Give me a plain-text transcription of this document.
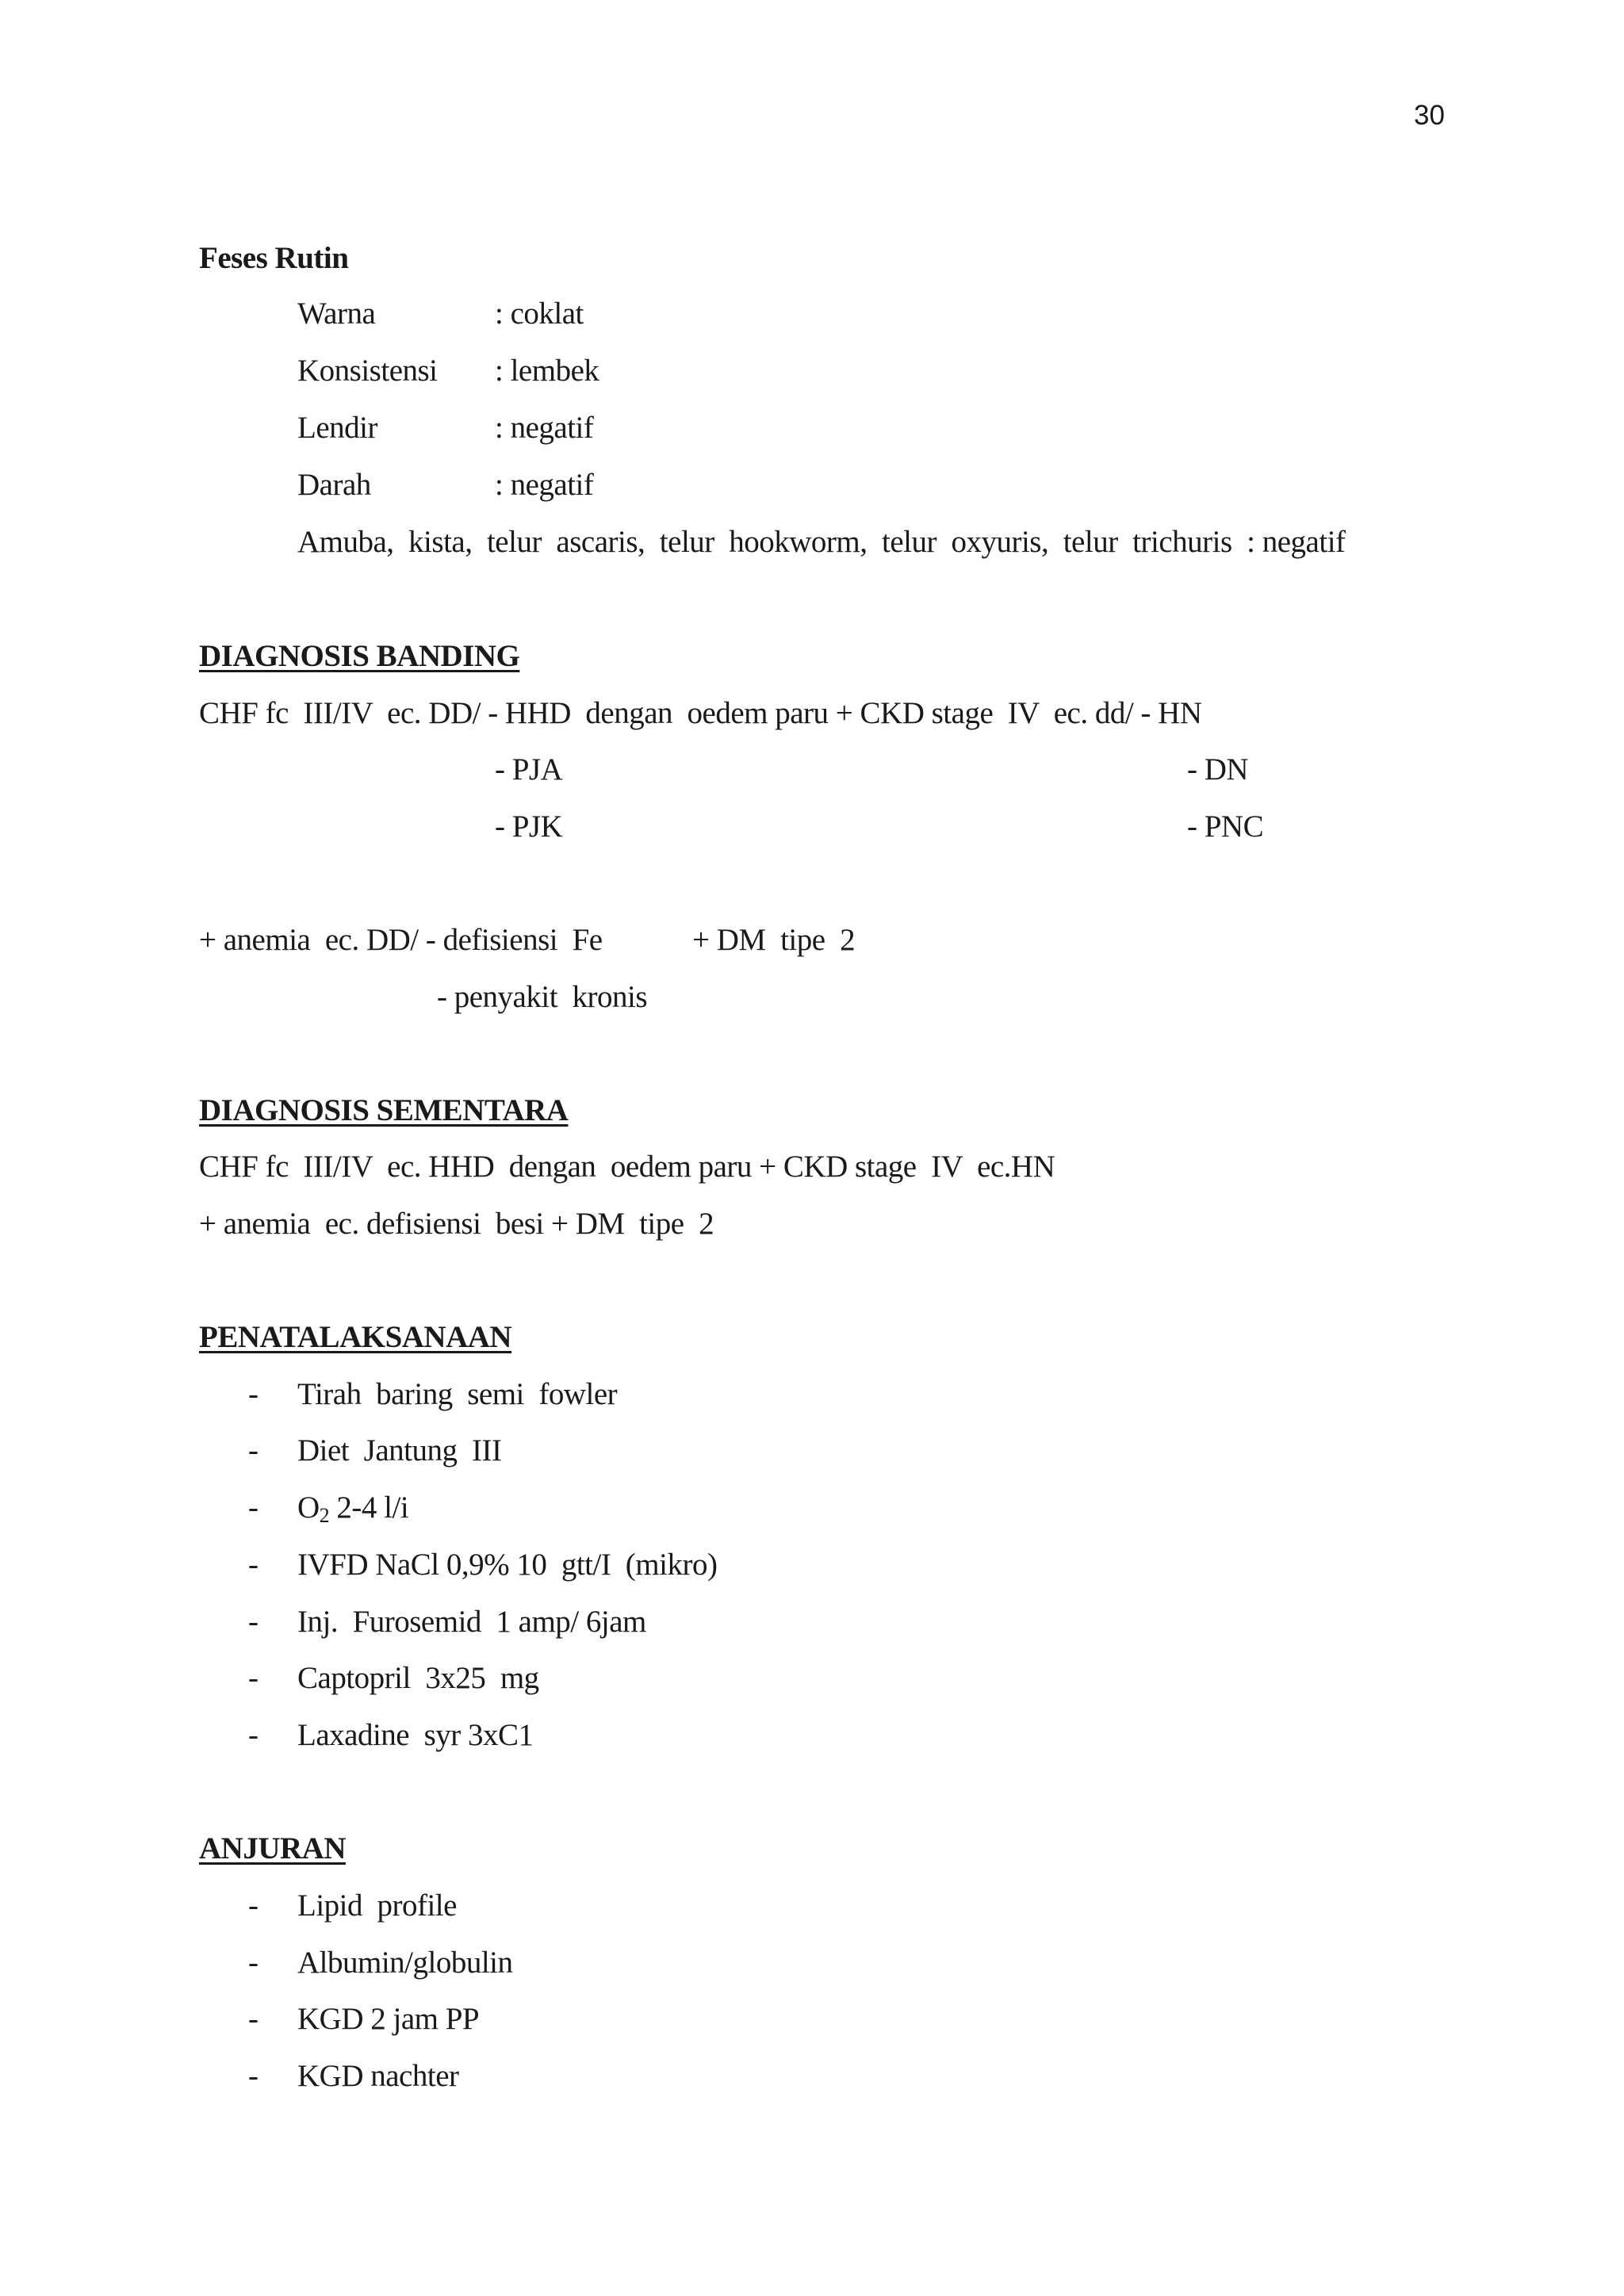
30
Feses Rutin
Warna	: coklat
Konsistensi : lembek
Lendir	: negatif
Darah	: negatif
Amuba,  kista,  telur  ascaris,  telur  hookworm,  telur  oxyuris,  telur  trichuris  : negatif
DIAGNOSIS BANDING
CHF fc  III/IV  ec. DD/ - HHD  dengan  oedem paru + CKD stage  IV  ec. dd/ - HN
- PJA	- DN
- PJK	- PNC
+ anemia  ec. DD/ - defisiensi  Fe	+ DM  tipe  2
- penyakit  kronis
DIAGNOSIS SEMENTARA
CHF fc  III/IV  ec. HHD  dengan  oedem paru + CKD stage  IV  ec.HN
+ anemia  ec. defisiensi  besi + DM  tipe  2
PENATALAKSANAAN
- Tirah  baring  semi  fowler
- Diet  Jantung  III
- $O_2$ 2-4 l/i
- IVFD NaCl 0,9% 10  gtt/I  (mikro)
- Inj.  Furosemid  1 amp/ 6jam
- Captopril  3x25  mg
- Laxadine  syr 3xC1
ANJURAN
- Lipid  profile
- Albumin/globulin
- KGD 2 jam PP
- KGD nachter
